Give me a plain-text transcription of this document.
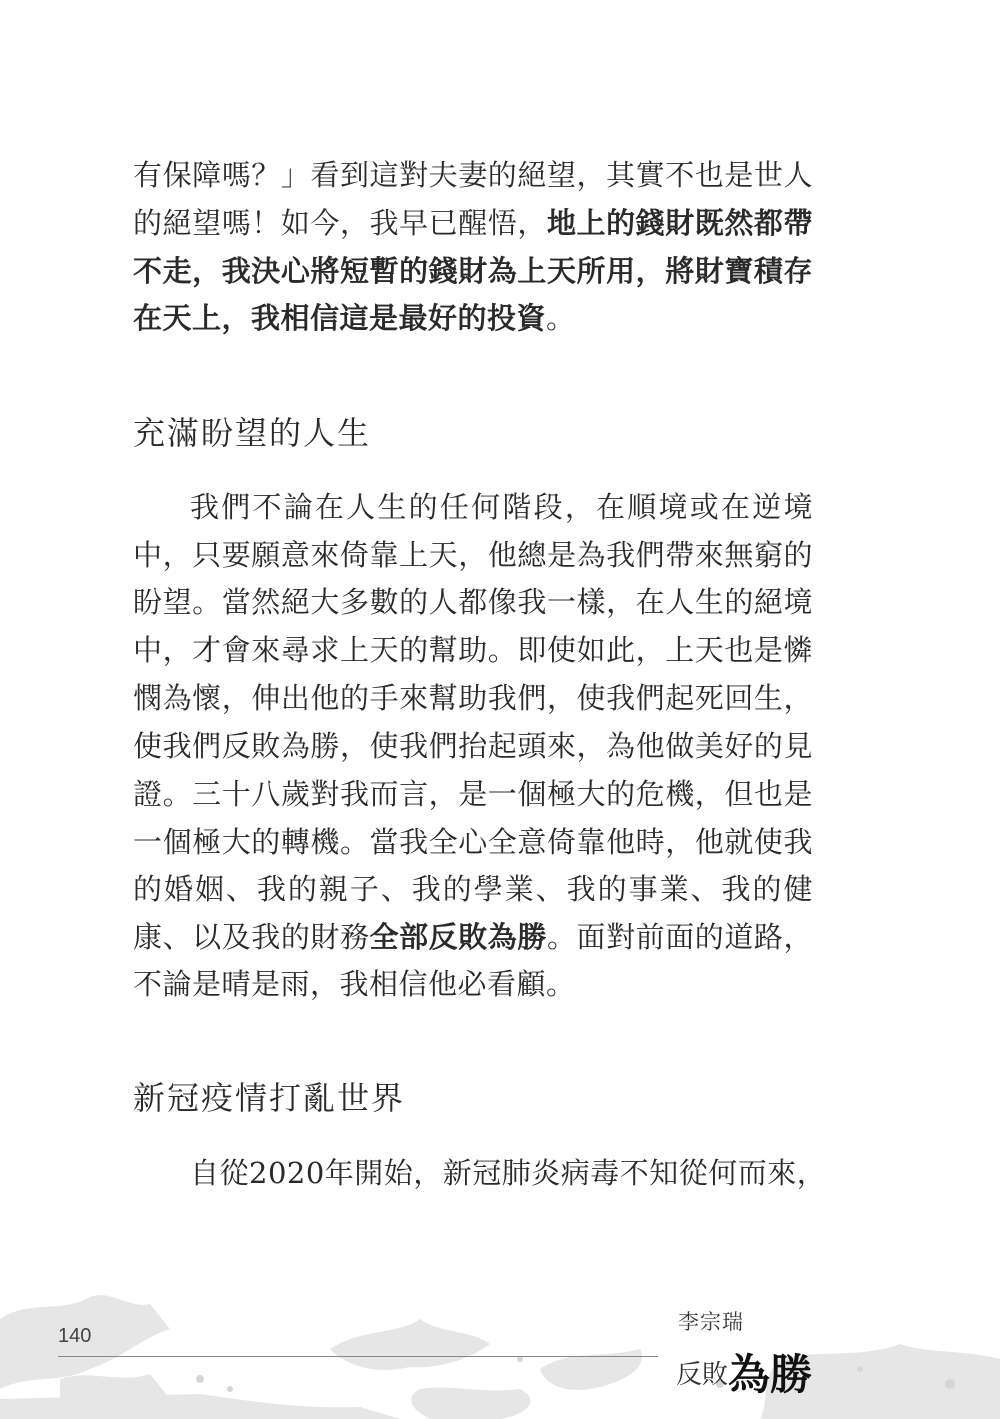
有保障嗎？」看到這對夫妻的絕望，其實不也是世人
的絕望嗎！如今，我早已醒悟，地上的錢財既然都帶
不走，我決心將短暫的錢財為上天所用，將財寶積存
在天上，我相信這是最好的投資。
充滿盼望的人生
我們不論在人生的任何階段，在順境或在逆境
中，只要願意來倚靠上天，他總是為我們帶來無窮的
盼望。當然絕大多數的人都像我一樣，在人生的絕境
中，才會來尋求上天的幫助。即使如此，上天也是憐
憫為懷，伸出他的手來幫助我們，使我們起死回生，
使我們反敗為勝，使我們抬起頭來，為他做美好的見
證。三十八歲對我而言，是一個極大的危機，但也是
一個極大的轉機。當我全心全意倚靠他時，他就使我
的婚姻、我的親子、我的學業、我的事業、我的健
康、以及我的財務全部反敗為勝。面對前面的道路，
不論是晴是雨，我相信他必看顧。
新冠疫情打亂世界
自從2020年開始，新冠肺炎病毒不知從何而來，
140
李宗瑞
反敗為勝
